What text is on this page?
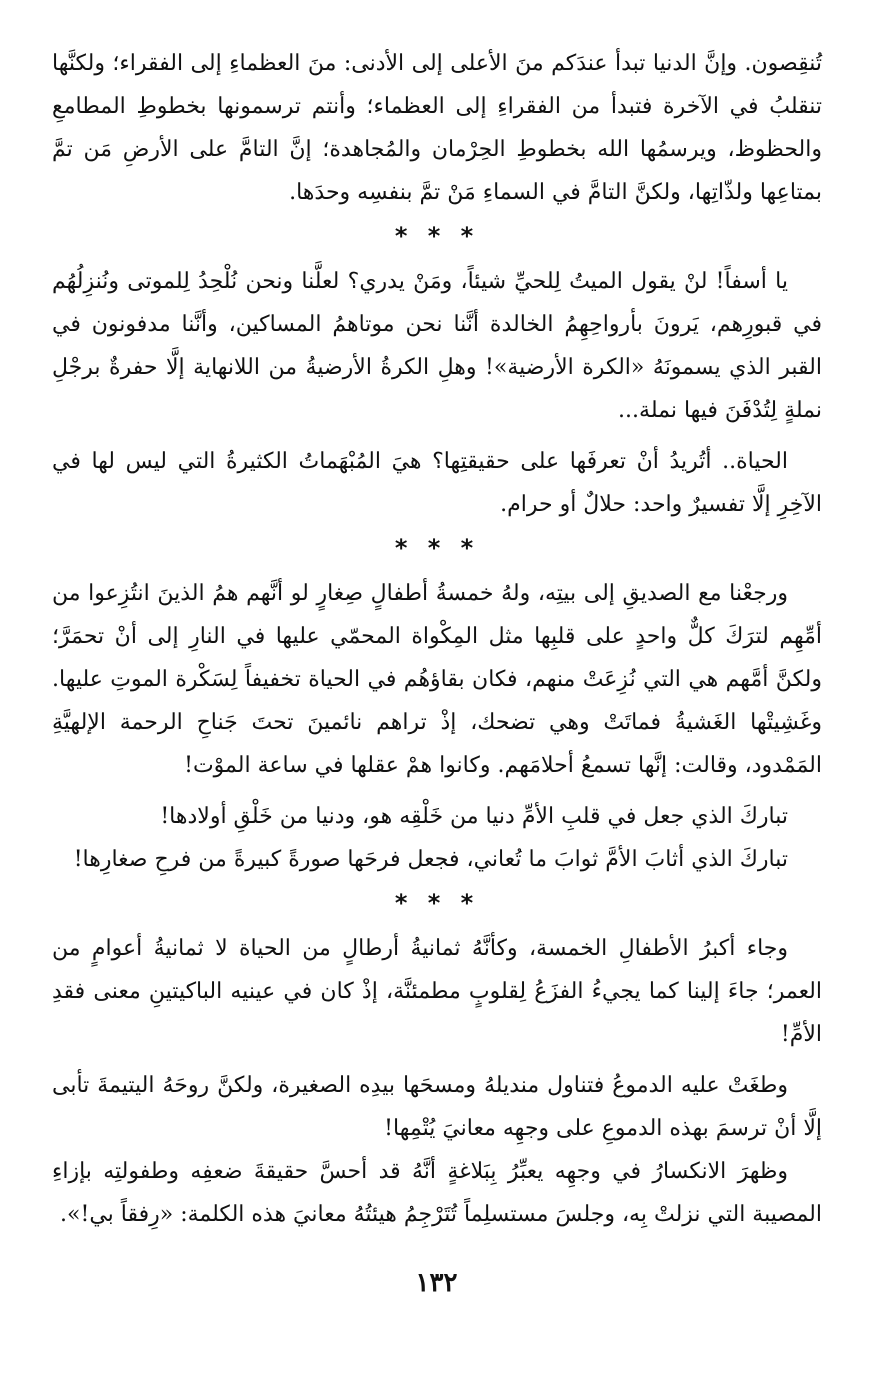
تُنقِصون. وإنَّ الدنيا تبدأ عندَكم منَ الأعلى إلى الأدنى: منَ العظماءِ إلى الفقراء؛ ولكنَّها تنقلبُ في الآخرة فتبدأ من الفقراءِ إلى العظماء؛ وأنتم ترسمونها بخطوطِ المطامعِ والحظوظ، ويرسمُها الله بخطوطِ الحِرْمان والمُجاهدة؛ إنَّ التامَّ على الأرضِ مَن تمَّ بمتاعِها ولذّاتِها، ولكنَّ التامَّ في السماءِ مَنْ تمَّ بنفسِه وحدَها.

* * *

يا أسفاً! لنْ يقول الميتُ لِلحيِّ شيئاً، ومَنْ يدري؟ لعلَّنا ونحن نُلْحِدُ لِلموتى ونُنزِلُهُم في قبورِهم، يَرونَ بأرواحِهِمُ الخالدة أنَّنا نحن موتاهمُ المساكين، وأنَّنا مدفونون في القبر الذي يسمونَهُ «الكرة الأرضية»! وهلِ الكرةُ الأرضيةُ من اللانهاية إلَّا حفرةٌ برجْلِ نملةٍ لِتُدْفَنَ فيها نملة...

الحياة.. أتُريدُ أنْ تعرفَها على حقيقتِها؟ هيَ المُبْهَماتُ الكثيرةُ التي ليس لها في الآخِرِ إلَّا تفسيرٌ واحد: حلالٌ أو حرام.

* * *

ورجعْنا مع الصديقِ إلى بيتِه، ولهُ خمسةُ أطفالٍ صِغارٍ لو أنَّهم همُ الذينَ انتُزِعوا من أمِّهِم لترَكَ كلٌّ واحدٍ على قلبِها مثل المِكْواة المحمّي عليها في النارِ إلى أنْ تحمَرَّ؛ ولكنَّ أمَّهم هي التي نُزِعَتْ منهم، فكان بقاؤهُم في الحياة تخفيفاً لِسَكْرة الموتِ عليها. وغَشِيتْها الغَشيةُ فماتَتْ وهي تضحك، إذْ تراهم نائمينَ تحتَ جَناحِ الرحمة الإلهيَّةِ المَمْدود، وقالت: إنَّها تسمعُ أحلامَهم. وكانوا همْ عقلها في ساعة الموْت!

تباركَ الذي جعل في قلبِ الأمِّ دنيا من خَلْقِه هو، ودنيا من خَلْقِ أولادها!

تباركَ الذي أثابَ الأمَّ ثوابَ ما تُعاني، فجعل فرحَها صورةً كبيرةً من فرحِ صغارِها!

* * *

وجاء أكبرُ الأطفالِ الخمسة، وكأنَّهُ ثمانيةُ أرطالٍ من الحياة لا ثمانيةُ أعوامٍ من العمر؛ جاءَ إلينا كما يجيءُ الفزَعُ لِقلوبٍ مطمئنَّة، إذْ كان في عينيه الباكيتينِ معنى فقدِ الأمِّ!

وطغَتْ عليه الدموعُ فتناول منديلهُ ومسحَها بيدِه الصغيرة، ولكنَّ روحَهُ اليتيمةَ تأبى إلَّا أنْ ترسمَ بهذه الدموعِ على وجهِه معانيَ يُتْمِها!

وظهرَ الانكسارُ في وجهِه يعبِّرُ بِبَلاغةٍ أنَّهُ قد أحسَّ حقيقةَ ضعفِه وطفولتِه بإزاءِ المصيبة التي نزلتْ بِه، وجلسَ مستسلِماً تُتَرْجِمُ هيئتُهُ معانيَ هذه الكلمة: «رِفقاً بي!».

١٣٢
